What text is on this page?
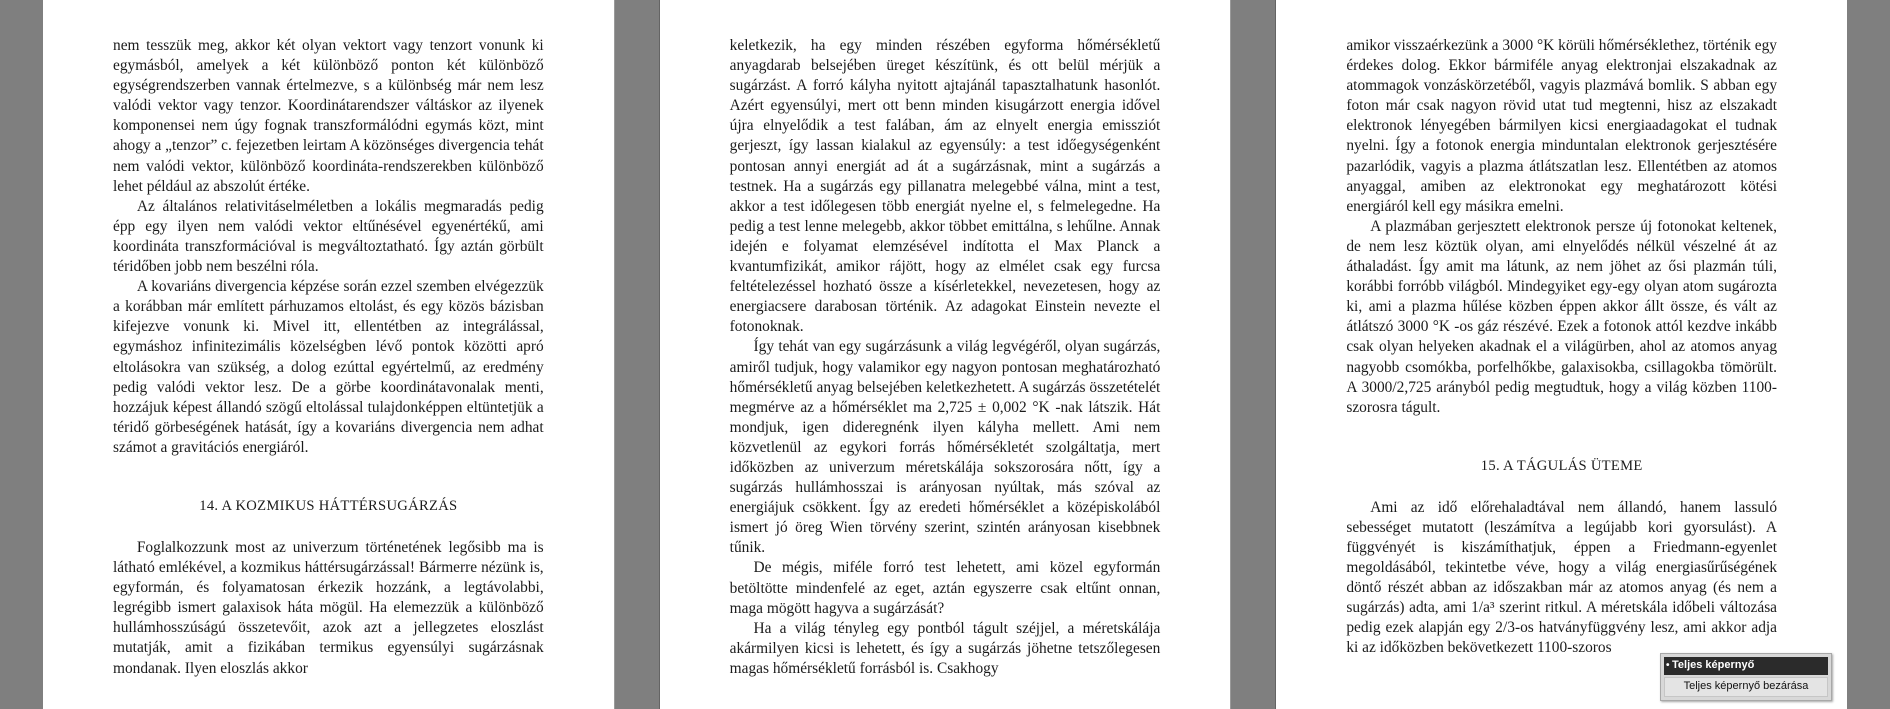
nem tesszük meg, akkor két olyan vektort vagy tenzort vonunk ki egymásból, amelyek a két különböző ponton két különböző egységrendszerben vannak értelmezve, s a különbség már nem lesz valódi vektor vagy tenzor. Koordinátarendszer váltáskor az ilyenek komponensei nem úgy fognak transzformálódni egymás közt, mint ahogy a „tenzor” c. fejezetben leirtam A közönséges divergencia tehát nem valódi vektor, különböző koordináta-rendszerekben különböző lehet például az abszolút értéke.

Az általános relativitáselméletben a lokális megmaradás pedig épp egy ilyen nem valódi vektor eltűnésével egyenértékű, ami koordináta transzformációval is megváltoztatható. Így aztán görbült téridőben jobb nem beszélni róla.

A kovariáns divergencia képzése során ezzel szemben elvégezzük a korábban már említett párhuzamos eltolást, és egy közös bázisban kifejezve vonunk ki. Mivel itt, ellentétben az integrálással, egymáshoz infinitezimális közelségben lévő pontok közötti apró eltolásokra van szükség, a dolog ezúttal egyértelmű, az eredmény pedig valódi vektor lesz. De a görbe koordinátavonalak menti, hozzájuk képest állandó szögű eltolással tulajdonképpen eltüntetjük a téridő görbeségének hatását, így a kovariáns divergencia nem adhat számot a gravitációs energiáról.

14. A KOZMIKUS HÁTTÉRSUGÁRZÁS

Foglalkozzunk most az univerzum történetének legősibb ma is látható emlékével, a kozmikus háttérsugárzással! Bármerre nézünk is, egyformán, és folyamatosan érkezik hozzánk, a legtávolabbi, legrégibb ismert galaxisok háta mögül. Ha elemezzük a különböző hullámhosszúságú összetevőit, azok azt a jellegzetes eloszlást mutatják, amit a fizikában termikus egyensúlyi sugárzásnak mondanak. Ilyen eloszlás akkor

keletkezik, ha egy minden részében egyforma hőmérsékletű anyagdarab belsejében üreget készítünk, és ott belül mérjük a sugárzást. A forró kályha nyitott ajtajánál tapasztalhatunk hasonlót. Azért egyensúlyi, mert ott benn minden kisugárzott energia idővel újra elnyelődik a test falában, ám az elnyelt energia emissziót gerjeszt, így lassan kialakul az egyensúly: a test időegységenként pontosan annyi energiát ad át a sugárzásnak, mint a sugárzás a testnek. Ha a sugárzás egy pillanatra melegebbé válna, mint a test, akkor a test időlegesen több energiát nyelne el, s felmelegedne. Ha pedig a test lenne melegebb, akkor többet emittálna, s lehűlne. Annak idején e folyamat elemzésével indította el Max Planck a kvantumfizikát, amikor rájött, hogy az elmélet csak egy furcsa feltételezéssel hozható össze a kísérletekkel, nevezetesen, hogy az energiacsere darabosan történik. Az adagokat Einstein nevezte el fotonoknak.

Így tehát van egy sugárzásunk a világ legvégéről, olyan sugárzás, amiről tudjuk, hogy valamikor egy nagyon pontosan meghatározható hőmérsékletű anyag belsejében keletkezhetett. A sugárzás összetételét megmérve az a hőmérséklet ma 2,725 ± 0,002 °K -nak látszik. Hát mondjuk, igen dideregnénk ilyen kályha mellett. Ami nem közvetlenül az egykori forrás hőmérsékletét szolgáltatja, mert időközben az univerzum méretskálája sokszorosára nőtt, így a sugárzás hullámhosszai is arányosan nyúltak, más szóval az energiájuk csökkent. Így az eredeti hőmérséklet a középiskolából ismert jó öreg Wien törvény szerint, szintén arányosan kisebbnek tűnik.

De mégis, miféle forró test lehetett, ami közel egyformán betöltötte mindenfelé az eget, aztán egyszerre csak eltűnt onnan, maga mögött hagyva a sugárzását?

Ha a világ tényleg egy pontból tágult széjjel, a méretskálája akármilyen kicsi is lehetett, és így a sugárzás jöhetne tetszőlegesen magas hőmérsékletű forrásból is. Csakhogy

amikor visszaérkezünk a 3000 °K körüli hőmérséklethez, történik egy érdekes dolog. Ekkor bármiféle anyag elektronjai elszakadnak az atommagok vonzáskörzetéből, vagyis plazmává bomlik. S abban egy foton már csak nagyon rövid utat tud megtenni, hisz az elszakadt elektronok lényegében bármilyen kicsi energiaadagokat el tudnak nyelni. Így a fotonok energia minduntalan elektronok gerjesztésére pazarlódik, vagyis a plazma átlátszatlan lesz. Ellentétben az atomos anyaggal, amiben az elektronokat egy meghatározott kötési energiáról kell egy másikra emelni.

A plazmában gerjesztett elektronok persze új fotonokat keltenek, de nem lesz köztük olyan, ami elnyelődés nélkül vészelné át az áthaladást. Így amit ma látunk, az nem jöhet az ősi plazmán túli, korábbi forróbb világból. Mindegyiket egy-egy olyan atom sugározta ki, ami a plazma hűlése közben éppen akkor állt össze, és vált az átlátszó 3000 °K -os gáz részévé. Ezek a fotonok attól kezdve inkább csak olyan helyeken akadnak el a világürben, ahol az atomos anyag nagyobb csomókba, porfelhőkbe, galaxisokba, csillagokba tömörült. A 3000/2,725 arányból pedig megtudtuk, hogy a világ közben 1100-szorosra tágult.

15. A TÁGULÁS ÜTEME

Ami az idő előrehaladtával nem állandó, hanem lassuló sebességet mutatott (leszámítva a legújabb kori gyorsulást). A függvényét is kiszámíthatjuk, éppen a Friedmann-egyenlet megoldásából, tekintetbe véve, hogy a világ energiasűrűségének döntő részét abban az időszakban már az atomos anyag (és nem a sugárzás) adta, ami 1/a³ szerint ritkul. A méretskála időbeli változása pedig ezek alapján egy 2/3-os hatványfüggvény lesz, ami akkor adja ki az időközben bekövetkezett 1100-szoros

• Teljes képernyő
Teljes képernyő bezárása
